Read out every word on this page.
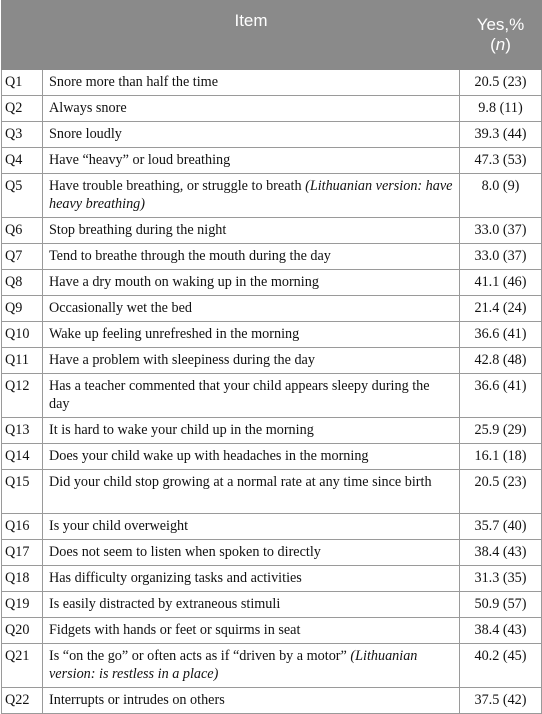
	Item	Yes,%
(n)
Q1	Snore more than half the time	20.5 (23)
Q2	Always snore	9.8 (11)
Q3	Snore loudly	39.3 (44)
Q4	Have “heavy” or loud breathing	47.3 (53)
Q5	Have trouble breathing, or struggle to breath (Lithuanian version: have heavy breathing)	8.0 (9)
Q6	Stop breathing during the night	33.0 (37)
Q7	Tend to breathe through the mouth during the day	33.0 (37)
Q8	Have a dry mouth on waking up in the morning	41.1 (46)
Q9	Occasionally wet the bed	21.4 (24)
Q10	Wake up feeling unrefreshed in the morning	36.6 (41)
Q11	Have a problem with sleepiness during the day	42.8 (48)
Q12	Has a teacher commented that your child appears sleepy during the day	36.6 (41)
Q13	It is hard to wake your child up in the morning	25.9 (29)
Q14	Does your child wake up with headaches in the morning	16.1 (18)
Q15	Did your child stop growing at a normal rate at any time since birth	20.5 (23)
Q16	Is your child overweight	35.7 (40)
Q17	Does not seem to listen when spoken to directly	38.4 (43)
Q18	Has difficulty organizing tasks and activities	31.3 (35)
Q19	Is easily distracted by extraneous stimuli	50.9 (57)
Q20	Fidgets with hands or feet or squirms in seat	38.4 (43)
Q21	Is “on the go” or often acts as if “driven by a motor” (Lithuanian version: is restless in a place)	40.2 (45)
Q22	Interrupts or intrudes on others	37.5 (42)
